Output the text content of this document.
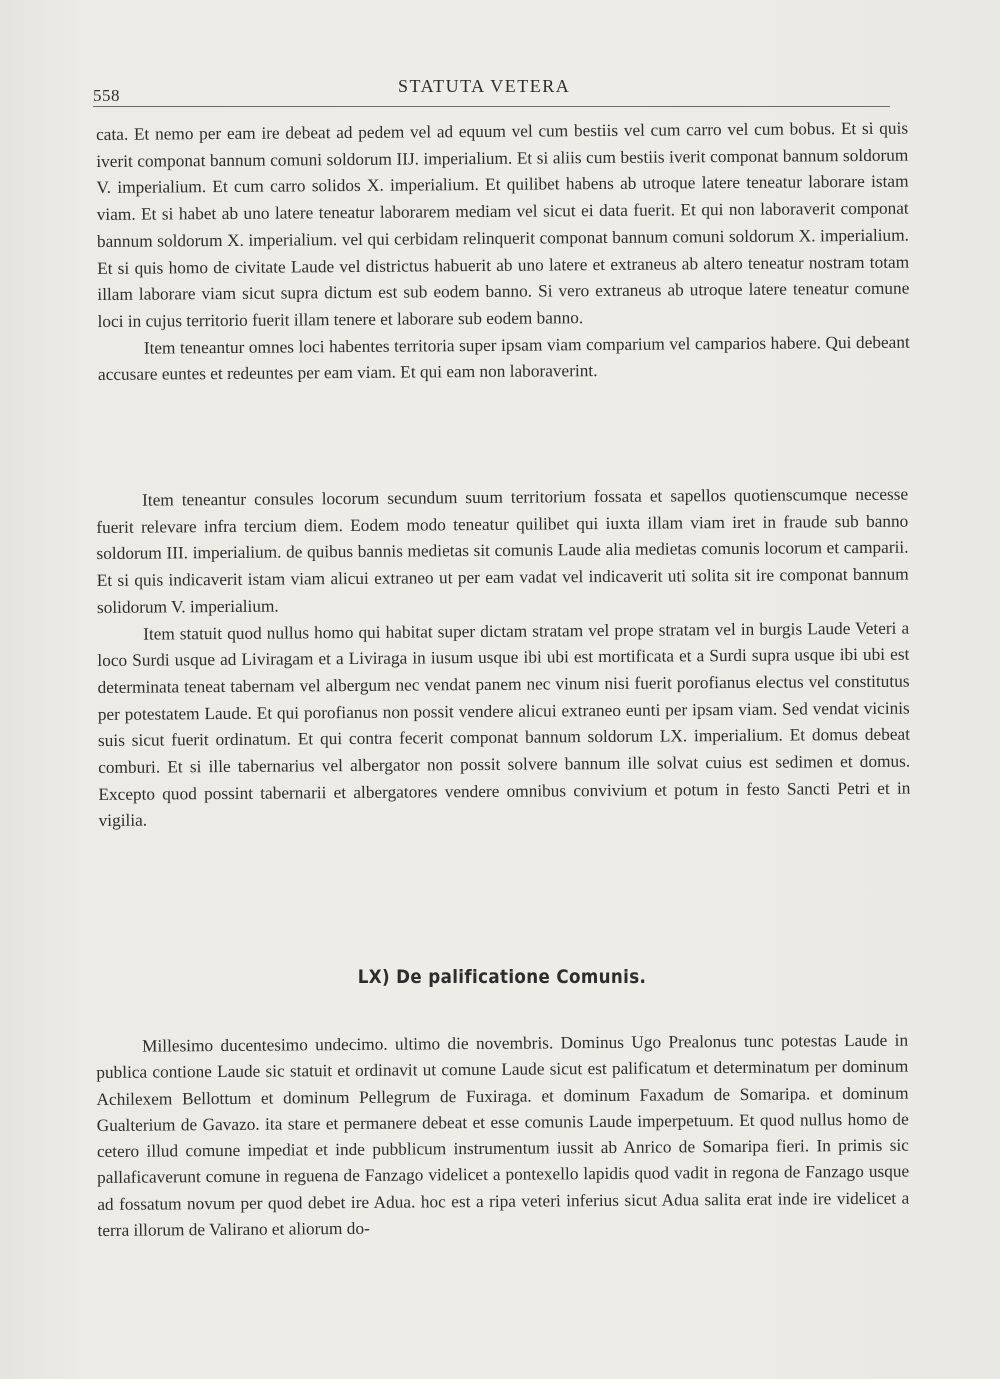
558	STATUTA VETERA

cata. Et nemo per eam ire debeat ad pedem vel ad equum vel cum bestiis vel cum carro vel cum bobus. Et si quis iverit componat bannum comuni soldorum IIJ. imperialium. Et si aliis cum bestiis iverit componat bannum soldorum V. imperialium. Et cum carro solidos X. imperialium. Et quilibet habens ab utroque latere teneatur laborare istam viam. Et si habet ab uno latere teneatur laborarem mediam vel sicut ei data fuerit. Et qui non laboraverit componat bannum soldorum X. imperialium. vel qui cerbidam relinquerit componat bannum comuni soldorum X. imperialium. Et si quis homo de civitate Laude vel districtus habuerit ab uno latere et extraneus ab altero teneatur nostram totam illam laborare viam sicut supra dictum est sub eodem banno. Si vero extraneus ab utroque latere teneatur comune loci in cujus territorio fuerit illam tenere et laborare sub eodem banno.

Item teneantur omnes loci habentes territoria super ipsam viam comparium vel camparios habere. Qui debeant accusare euntes et redeuntes per eam viam. Et qui eam non laboraverint.

Item teneantur consules locorum secundum suum territorium fossata et sapellos quotienscumque necesse fuerit relevare infra tercium diem. Eodem modo teneatur quilibet qui iuxta illam viam iret in fraude sub banno soldorum III. imperialium. de quibus bannis medietas sit comunis Laude alia medietas comunis locorum et camparii. Et si quis indicaverit istam viam alicui extraneo ut per eam vadat vel indicaverit uti solita sit ire componat bannum solidorum V. imperialium.

Item statuit quod nullus homo qui habitat super dictam stratam vel prope stratam vel in burgis Laude Veteri a loco Surdi usque ad Liviragam et a Liviraga in iusum usque ibi ubi est mortificata et a Surdi supra usque ibi ubi est determinata teneat tabernam vel albergum nec vendat panem nec vinum nisi fuerit porofianus electus vel constitutus per potestatem Laude. Et qui porofianus non possit vendere alicui extraneo eunti per ipsam viam. Sed vendat vicinis suis sicut fuerit ordinatum. Et qui contra fecerit componat bannum soldorum LX. imperialium. Et domus debeat comburi. Et si ille tabernarius vel albergator non possit solvere bannum ille solvat cuius est sedimen et domus. Excepto quod possint tabernarii et albergatores vendere omnibus convivium et potum in festo Sancti Petri et in vigilia.

LX) De palificatione Comunis.

Millesimo ducentesimo undecimo. ultimo die novembris. Dominus Ugo Prealonus tunc potestas Laude in publica contione Laude sic statuit et ordinavit ut comune Laude sicut est palificatum et determinatum per dominum Achilexem Bellottum et dominum Pellegrum de Fuxiraga. et dominum Faxadum de Somaripa. et dominum Gualterium de Gavazo. ita stare et permanere debeat et esse comunis Laude imperpetuum. Et quod nullus homo de cetero illud comune impediat et inde pubblicum instrumentum iussit ab Anrico de Somaripa fieri. In primis sic pallaficaverunt comune in reguena de Fanzago videlicet a pontexello lapidis quod vadit in regona de Fanzago usque ad fossatum novum per quod debet ire Adua. hoc est a ripa veteri inferius sicut Adua salita erat inde ire videlicet a terra illorum de Valirano et aliorum do-
